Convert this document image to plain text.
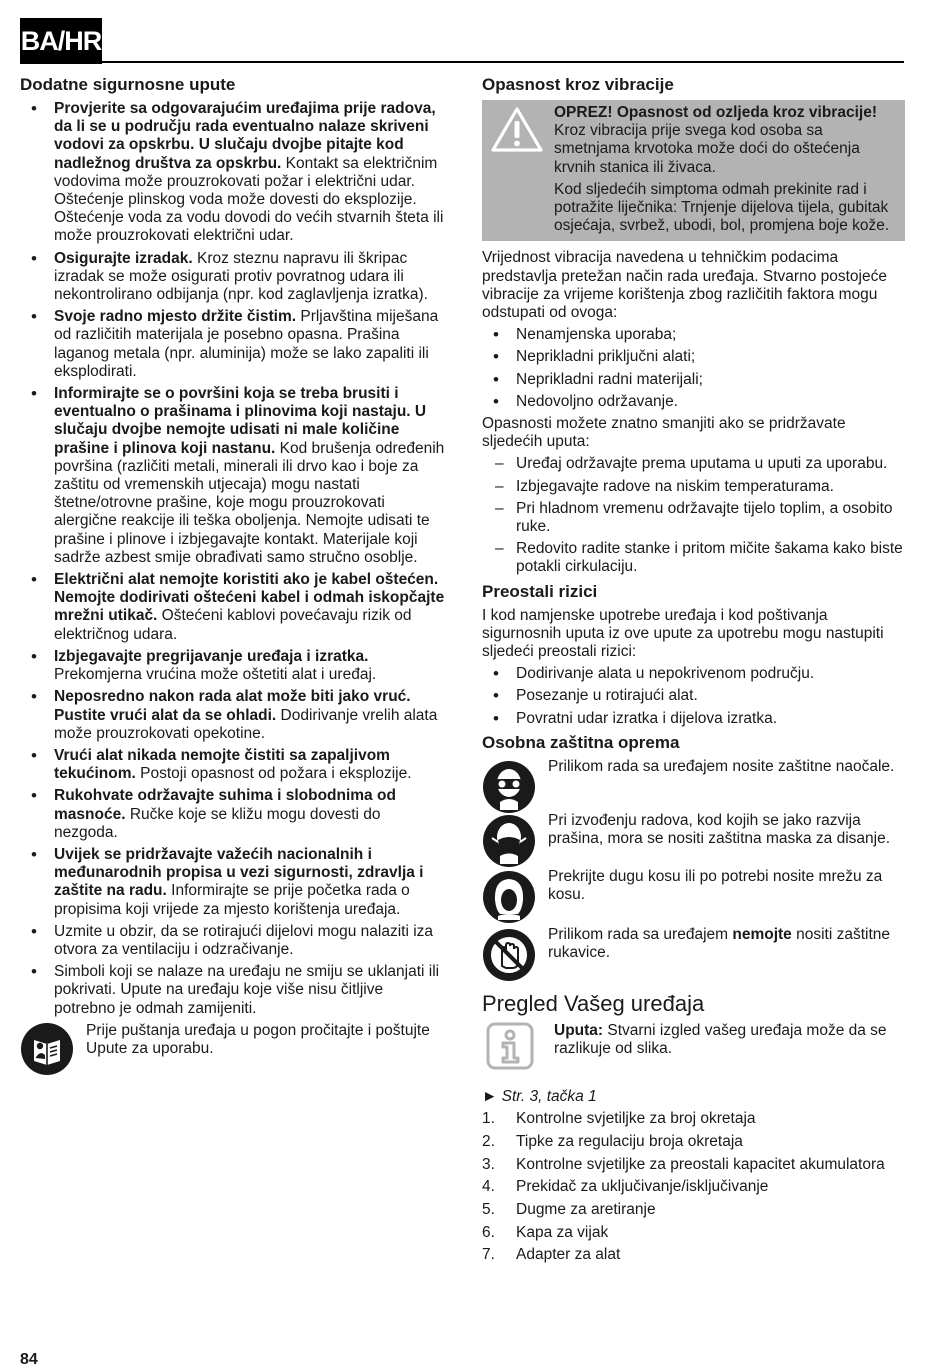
BA/HR
Dodatne sigurnosne upute
• Provjerite sa odgovarajućim uređajima prije radova, da li se u području rada eventualno nalaze skriveni vodovi za opskrbu. U slučaju dvojbe pitajte kod nadležnog društva za opskrbu. Kontakt sa električnim vodovima može prouzrokovati požar i električni udar. Oštećenje plinskog voda može dovesti do eksplozije. Oštećenje voda za vodu dovodi do većih stvarnih šteta ili može prouzrokovati električni udar.
• Osigurajte izradak. Kroz steznu napravu ili škripac izradak se može osigurati protiv povratnog udara ili nekontrolirano odbijanja (npr. kod zaglavljenja izratka).
• Svoje radno mjesto držite čistim. Prljavština miješana od različitih materijala je posebno opasna. Prašina laganog metala (npr. aluminija) može se lako zapaliti ili eksplodirati.
• Informirajte se o površini koja se treba brusiti i eventualno o prašinama i plinovima koji nastaju. U slučaju dvojbe nemojte udisati ni male količine prašine i plinova koji nastanu. Kod brušenja određenih površina (različiti metali, minerali ili drvo kao i boje za zaštitu od vremenskih utjecaja) mogu nastati štetne/otrovne prašine, koje mogu prouzrokovati alergične reakcije ili teška oboljenja. Nemojte udisati te prašine i plinove i izbjegavajte kontakt. Materijale koji sadrže azbest smije obrađivati samo stručno osoblje.
• Električni alat nemojte koristiti ako je kabel oštećen. Nemojte dodirivati oštećeni kabel i odmah iskopčajte mrežni utikač. Oštećeni kablovi povećavaju rizik od električnog udara.
• Izbjegavajte pregrijavanje uređaja i izratka. Prekomjerna vrućina može oštetiti alat i uređaj.
• Neposredno nakon rada alat može biti jako vruć. Pustite vrući alat da se ohladi. Dodirivanje vrelih alata može prouzrokovati opekotine.
• Vrući alat nikada nemojte čistiti sa zapaljivom tekućinom. Postoji opasnost od požara i eksplozije.
• Rukohvate održavajte suhima i slobodnima od masnoće. Ručke koje se kližu mogu dovesti do nezgoda.
• Uvijek se pridržavajte važećih nacionalnih i međunarodnih propisa u vezi sigurnosti, zdravlja i zaštite na radu. Informirajte se prije početka rada o propisima koji vrijede za mjesto korištenja uređaja.
• Uzmite u obzir, da se rotirajući dijelovi mogu nalaziti iza otvora za ventilaciju i odzračivanje.
• Simboli koji se nalaze na uređaju ne smiju se uklanjati ili pokrivati. Upute na uređaju koje više nisu čitljive potrebno je odmah zamijeniti.

Prije puštanja uređaja u pogon pročitajte i poštujte Upute za uporabu.

Opasnost kroz vibracije

OPREZ! Opasnost od ozljeda kroz vibracije! Kroz vibracija prije svega kod osoba sa smetnjama krvotoka može doći do oštećenja krvnih stanica ili živaca.

Kod sljedećih simptoma odmah prekinite rad i potražite liječnika: Trnjenje dijelova tijela, gubitak osjećaja, svrbež, ubodi, bol, promjena boje kože.

Vrijednost vibracija navedena u tehničkim podacima predstavlja pretežan način rada uređaja. Stvarno postojeće vibracije za vrijeme korištenja zbog različitih faktora mogu odstupati od ovoga:

• Nenamjenska uporaba;
• Neprikladni priključni alati;
• Neprikladni radni materijali;
• Nedovoljno održavanje.

Opasnosti možete znatno smanjiti ako se pridržavate sljedećih uputa:

– Uređaj održavajte prema uputama u uputi za uporabu.
– Izbjegavajte radove na niskim temperaturama.
– Pri hladnom vremenu održavajte tijelo toplim, a osobito ruke.
– Redovito radite stanke i pritom mičite šakama kako biste potakli cirkulaciju.
Preostali rizici

I kod namjenske upotrebe uređaja i kod poštivanja sigurnosnih uputa iz ove upute za upotrebu mogu nastupiti sljedeći preostali rizici:

• Dodirivanje alata u nepokrivenom području.
• Posezanje u rotirajući alat.
• Povratni udar izratka i dijelova izratka.
Osobna zaštitna oprema

Prilikom rada sa uređajem nosite zaštitne naočale.

Pri izvođenju radova, kod kojih se jako razvija prašina, mora se nositi zaštitna maska za disanje.

Prekrijte dugu kosu ili po potrebi nosite mrežu za kosu.

Prilikom rada sa uređajem nemojte nositi zaštitne rukavice.

Pregled Vašeg uređaja

Uputa: Stvarni izgled vašeg uređaja može da se razlikuje od slika.

► Str. 3, tačka 1

1. Kontrolne svjetiljke za broj okretaja
2. Tipke za regulaciju broja okretaja
3. Kontrolne svjetiljke za preostali kapacitet akumulatora
4. Prekidač za uključivanje/isključivanje
5. Dugme za aretiranje
6. Kapa za vijak
7. Adapter za alat
84
